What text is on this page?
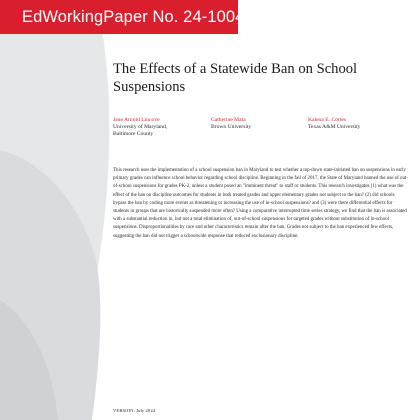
EdWorkingPaper No. 24-1004
The Effects of a Statewide Ban on School Suspensions
Jane Arnold Lincove
University of Maryland,
Baltimore County
Catherine Mata
Brown University
Kalena E. Cortes
Texas A&M University

This research uses the implementation of a school suspension ban in Maryland to test whether a top-down state-initiated ban on suspensions in early primary grades can influence school behavior regarding school discipline. Beginning in the fall of 2017, the State of Maryland banned the use of out-of-school suspensions for grades PK-2, unless a student posed an "imminent threat" to staff or students. This research investigates (1) what was the effect of the ban on discipline outcomes for students in both treated grades and upper elementary grades not subject to the ban? (2) did schools bypass the ban by coding more events as threatening or increasing the use of in-school suspensions? and (3) were there differential effects for students in groups that are historically suspended more often? Using a comparative interrupted time series strategy, we find that the ban is associated with a substantial reduction in, but not a total elimination of, out-of-school suspensions for targeted grades without substitution of in-school suspensions. Disproportionalities by race and other characteristics remain after the ban. Grades not subject to the ban experienced few effects, suggesting the ban did not trigger a schoolwide response that reduced exclusionary discipline.

VERSION: July 2024
